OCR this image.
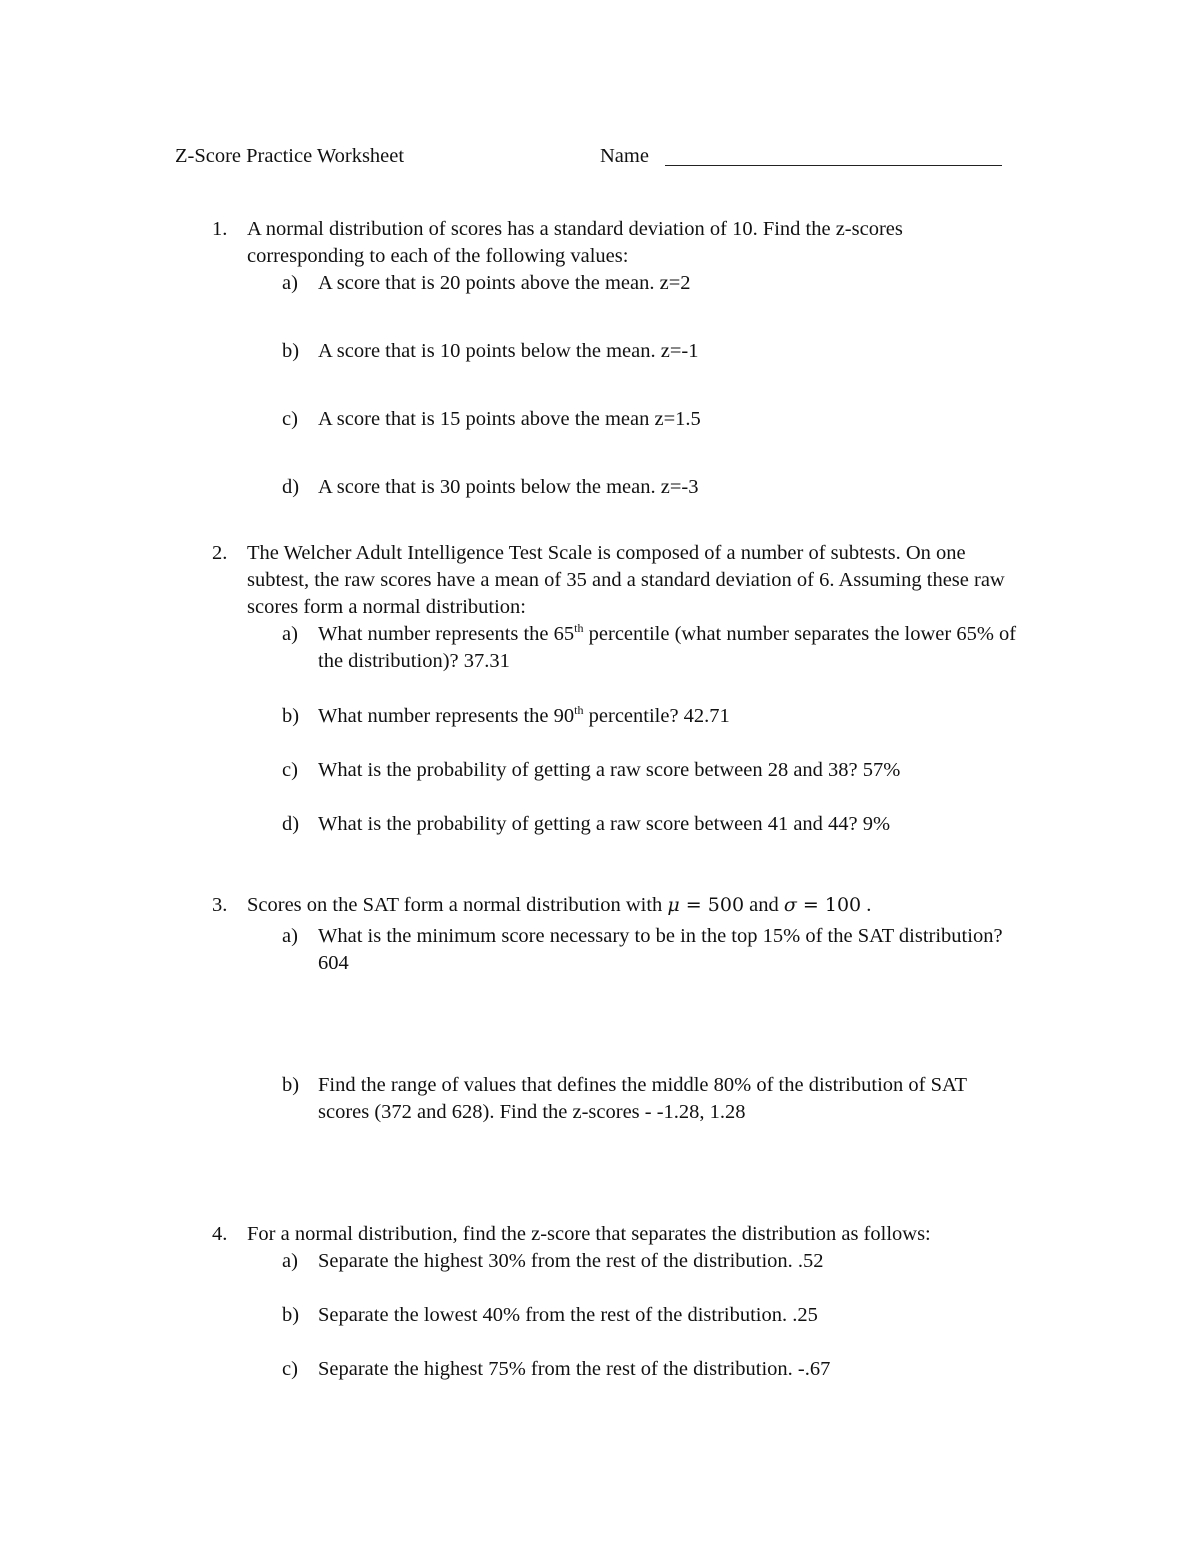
Z-Score Practice Worksheet	Name
1. A normal distribution of scores has a standard deviation of 10. Find the z-scores corresponding to each of the following values:
a) A score that is 20 points above the mean. z=2
b) A score that is 10 points below the mean. z=-1
c) A score that is 15 points above the mean z=1.5
d) A score that is 30 points below the mean. z=-3
2. The Welcher Adult Intelligence Test Scale is composed of a number of subtests. On one subtest, the raw scores have a mean of 35 and a standard deviation of 6. Assuming these raw scores form a normal distribution:
a) What number represents the 65th percentile (what number separates the lower 65% of the distribution)? 37.31
b) What number represents the 90th percentile? 42.71
c) What is the probability of getting a raw score between 28 and 38? 57%
d) What is the probability of getting a raw score between 41 and 44? 9%
3. Scores on the SAT form a normal distribution with μ = 500 and σ = 100 .
a) What is the minimum score necessary to be in the top 15% of the SAT distribution? 604
b) Find the range of values that defines the middle 80% of the distribution of SAT scores (372 and 628). Find the z-scores - -1.28, 1.28
4. For a normal distribution, find the z-score that separates the distribution as follows:
a) Separate the highest 30% from the rest of the distribution. .52
b) Separate the lowest 40% from the rest of the distribution. .25
c) Separate the highest 75% from the rest of the distribution. -.67
